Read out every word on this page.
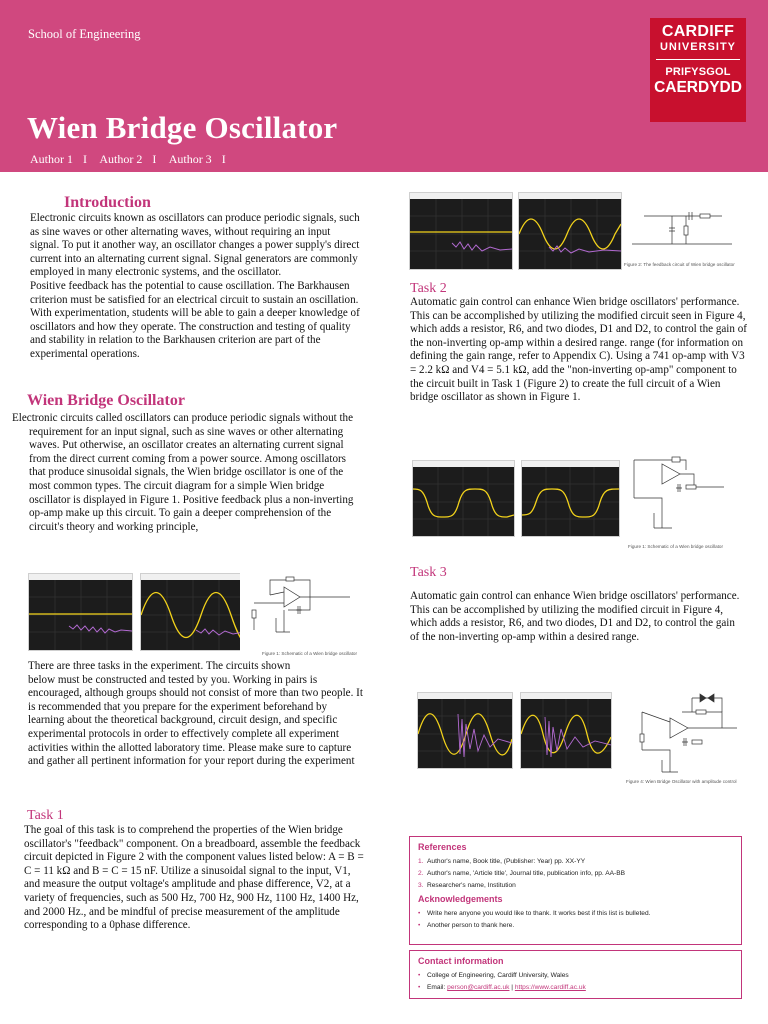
School of Engineering
Wien Bridge Oscillator
Author 1 I Author 2 I Author 3 I
CARDIFF
UNIVERSITY
PRIFYSGOL
CAERDYDD
Introduction
Electronic circuits known as oscillators can produce periodic signals, such as sine waves or other alternating waves, without requiring an input signal. To put it another way, an oscillator changes a power supply's direct current into an alternating current signal. Signal generators are commonly employed in many electronic systems, and the oscillator.
Positive feedback has the potential to cause oscillation. The Barkhausen criterion must be satisfied for an electrical circuit to sustain an oscillation. With experimentation, students will be able to gain a deeper knowledge of oscillators and how they operate. The construction and testing of quality and stability in relation to the Barkhausen criterion are part of the experimental operations.
Wien Bridge Oscillator
Electronic circuits called oscillators can produce periodic signals without the requirement for an input signal, such as sine waves or other alternating waves. Put otherwise, an oscillator creates an alternating current signal from the direct current coming from a power source. Among oscillators that produce sinusoidal signals, the Wien bridge oscillator is one of the most common types. The circuit diagram for a simple Wien bridge oscillator is displayed in Figure 1. Positive feedback plus a non-inverting op-amp make up this circuit. To gain a deeper comprehension of the circuit's theory and working principle,
Figure 1: Schematic of a Wien bridge oscillator
There are three tasks in the experiment. The circuits shown
below must be constructed and tested by you. Working in pairs is encouraged, although groups should not consist of more than two people. It is recommended that you prepare for the experiment beforehand by learning about the theoretical background, circuit design, and specific experimental protocols in order to effectively complete all experiment activities within the allotted laboratory time. Please make sure to capture and gather all pertinent information for your report during the experiment
Task 1
The goal of this task is to comprehend the properties of the Wien bridge oscillator's "feedback" component. On a breadboard, assemble the feedback circuit depicted in Figure 2 with the component values listed below: A = B = C = 11 kΩ and B = C = 15 nF. Utilize a sinusoidal signal to the input, V1, and measure the output voltage's amplitude and phase difference, V2, at a variety of frequencies, such as 500 Hz, 700 Hz, 900 Hz, 1100 Hz, 1400 Hz, and 2000 Hz., and be mindful of precise measurement of the amplitude corresponding to a 0phase difference.
Figure 2: The feedback circuit of Wien bridge oscillator
Task 2
Automatic gain control can enhance Wien bridge oscillators' performance. This can be accomplished by utilizing the modified circuit seen in Figure 4, which adds a resistor, R6, and two diodes, D1 and D2, to control the gain of the non-inverting op-amp within a desired range. range (for information on defining the gain range, refer to Appendix C). Using a 741 op-amp with V3 = 2.2 kΩ and V4 = 5.1 kΩ, add the "non-inverting op-amp" component to the circuit built in Task 1 (Figure 2) to create the full circuit of a Wien bridge oscillator as shown in Figure 1.
Figure 1: Schematic of a Wien bridge oscillator
Task 3
Automatic gain control can enhance Wien bridge oscillators' performance. This can be accomplished by utilizing the modified circuit in Figure 4, which adds a resistor, R6, and two diodes, D1 and D2, to control the gain of the non-inverting op-amp within a desired range.
Figure 4: Wien Bridge Oscillator with amplitude control
References
1. Author's name, Book title, (Publisher: Year) pp. XX-YY
2. Author's name, 'Article title', Journal title, publication info, pp. AA-BB
3. Researcher's name, Institution
Acknowledgements
• Write here anyone you would like to thank. It works best if this list is bulleted.
• Another person to thank here.
Contact information
• College of Engineering, Cardiff University, Wales
• Email: person@cardiff.ac.uk | https://www.cardiff.ac.uk
